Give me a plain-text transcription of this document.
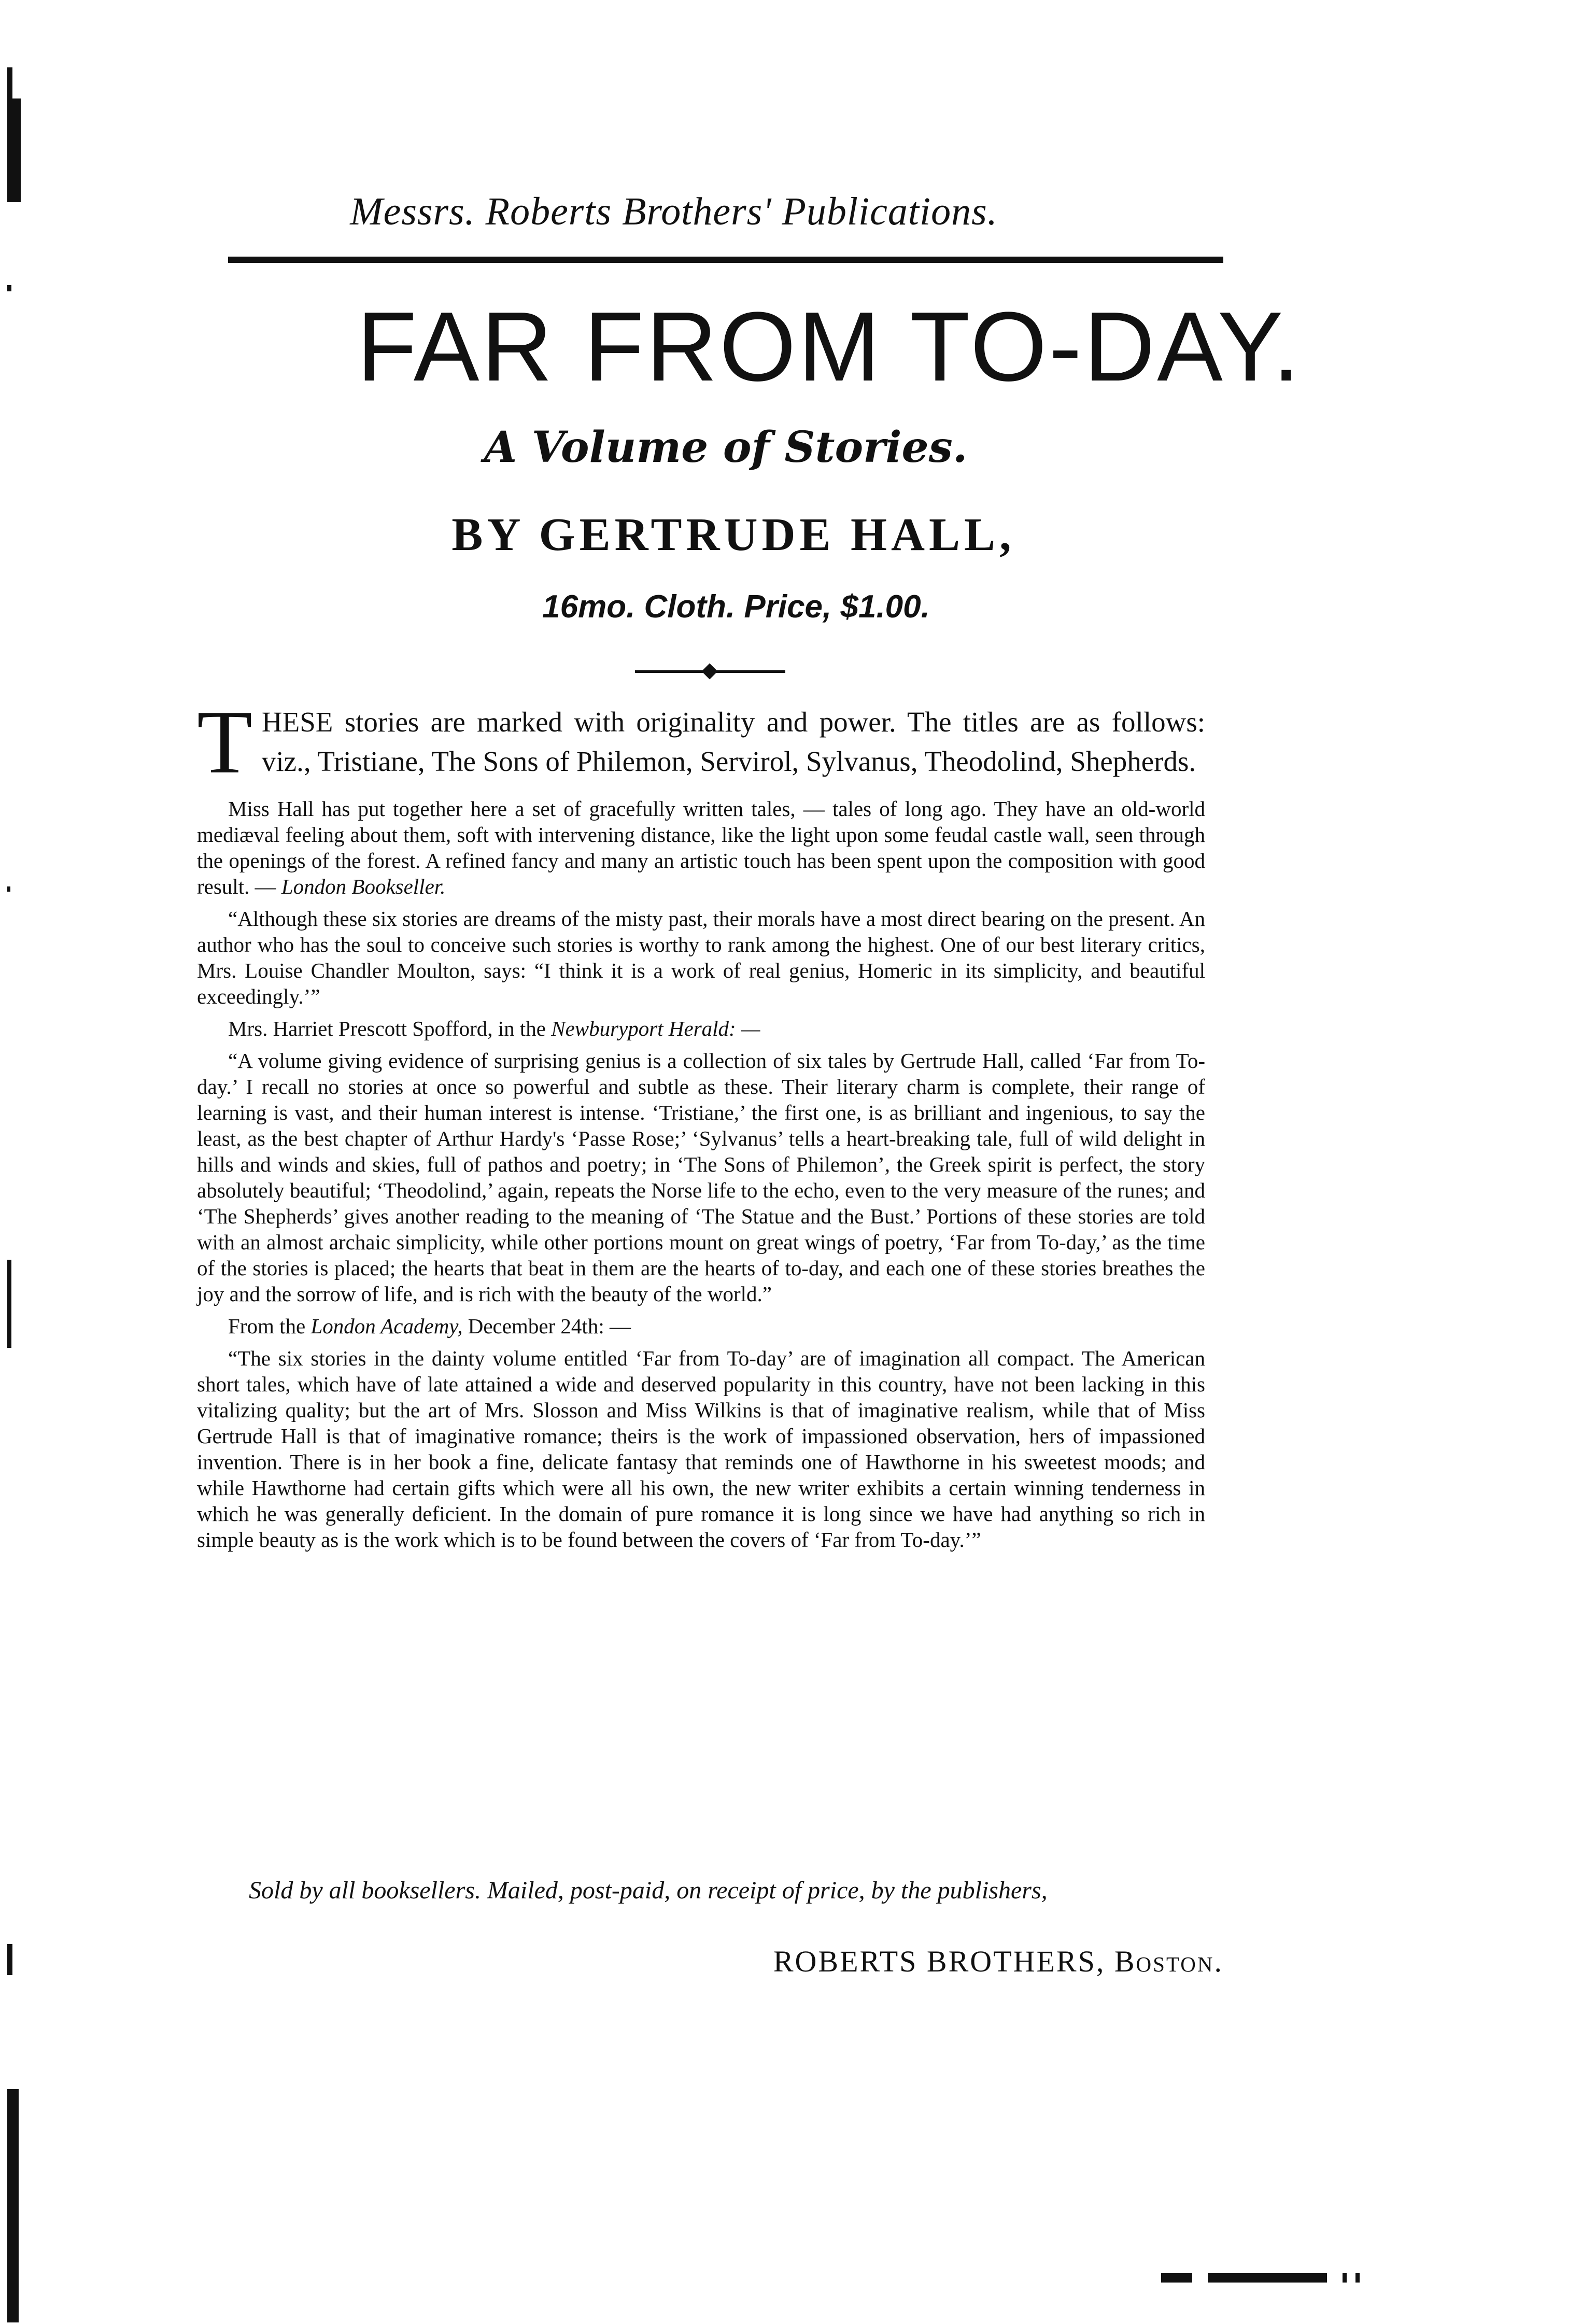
Messrs. Roberts Brothers' Publications.
FAR FROM TO-DAY.
A Volume of Stories.
BY GERTRUDE HALL,
16mo. Cloth. Price, $1.00.

THESE stories are marked with originality and power. The titles are as follows: viz., Tristiane, The Sons of Philemon, Servirol, Sylvanus, Theodolind, Shepherds.

Miss Hall has put together here a set of gracefully written tales, — tales of long ago. They have an old-world mediæval feeling about them, soft with intervening distance, like the light upon some feudal castle wall, seen through the openings of the forest. A refined fancy and many an artistic touch has been spent upon the composition with good result. — London Bookseller.

“Although these six stories are dreams of the misty past, their morals have a most direct bearing on the present. An author who has the soul to conceive such stories is worthy to rank among the highest. One of our best literary critics, Mrs. Louise Chandler Moulton, says: “I think it is a work of real genius, Homeric in its simplicity, and beautiful exceedingly.’”

Mrs. Harriet Prescott Spofford, in the Newburyport Herald: —

“A volume giving evidence of surprising genius is a collection of six tales by Gertrude Hall, called ‘Far from To-day.’ I recall no stories at once so powerful and subtle as these. Their literary charm is complete, their range of learning is vast, and their human interest is intense. ‘Tristiane,’ the first one, is as brilliant and ingenious, to say the least, as the best chapter of Arthur Hardy's ‘Passe Rose;’ ‘Sylvanus’ tells a heart-breaking tale, full of wild delight in hills and winds and skies, full of pathos and poetry; in ‘The Sons of Philemon’, the Greek spirit is perfect, the story absolutely beautiful; ‘Theodolind,’ again, repeats the Norse life to the echo, even to the very measure of the runes; and ‘The Shepherds’ gives another reading to the meaning of ‘The Statue and the Bust.’ Portions of these stories are told with an almost archaic simplicity, while other portions mount on great wings of poetry, ‘Far from To-day,’ as the time of the stories is placed; the hearts that beat in them are the hearts of to-day, and each one of these stories breathes the joy and the sorrow of life, and is rich with the beauty of the world.”

From the London Academy, December 24th: —

“The six stories in the dainty volume entitled ‘Far from To-day’ are of imagination all compact. The American short tales, which have of late attained a wide and deserved popularity in this country, have not been lacking in this vitalizing quality; but the art of Mrs. Slosson and Miss Wilkins is that of imaginative realism, while that of Miss Gertrude Hall is that of imaginative romance; theirs is the work of impassioned observation, hers of impassioned invention. There is in her book a fine, delicate fantasy that reminds one of Hawthorne in his sweetest moods; and while Hawthorne had certain gifts which were all his own, the new writer exhibits a certain winning tenderness in which he was generally deficient. In the domain of pure romance it is long since we have had anything so rich in simple beauty as is the work which is to be found between the covers of ‘Far from To-day.’”

Sold by all booksellers. Mailed, post-paid, on receipt of price, by the publishers,
ROBERTS BROTHERS, Boston.
